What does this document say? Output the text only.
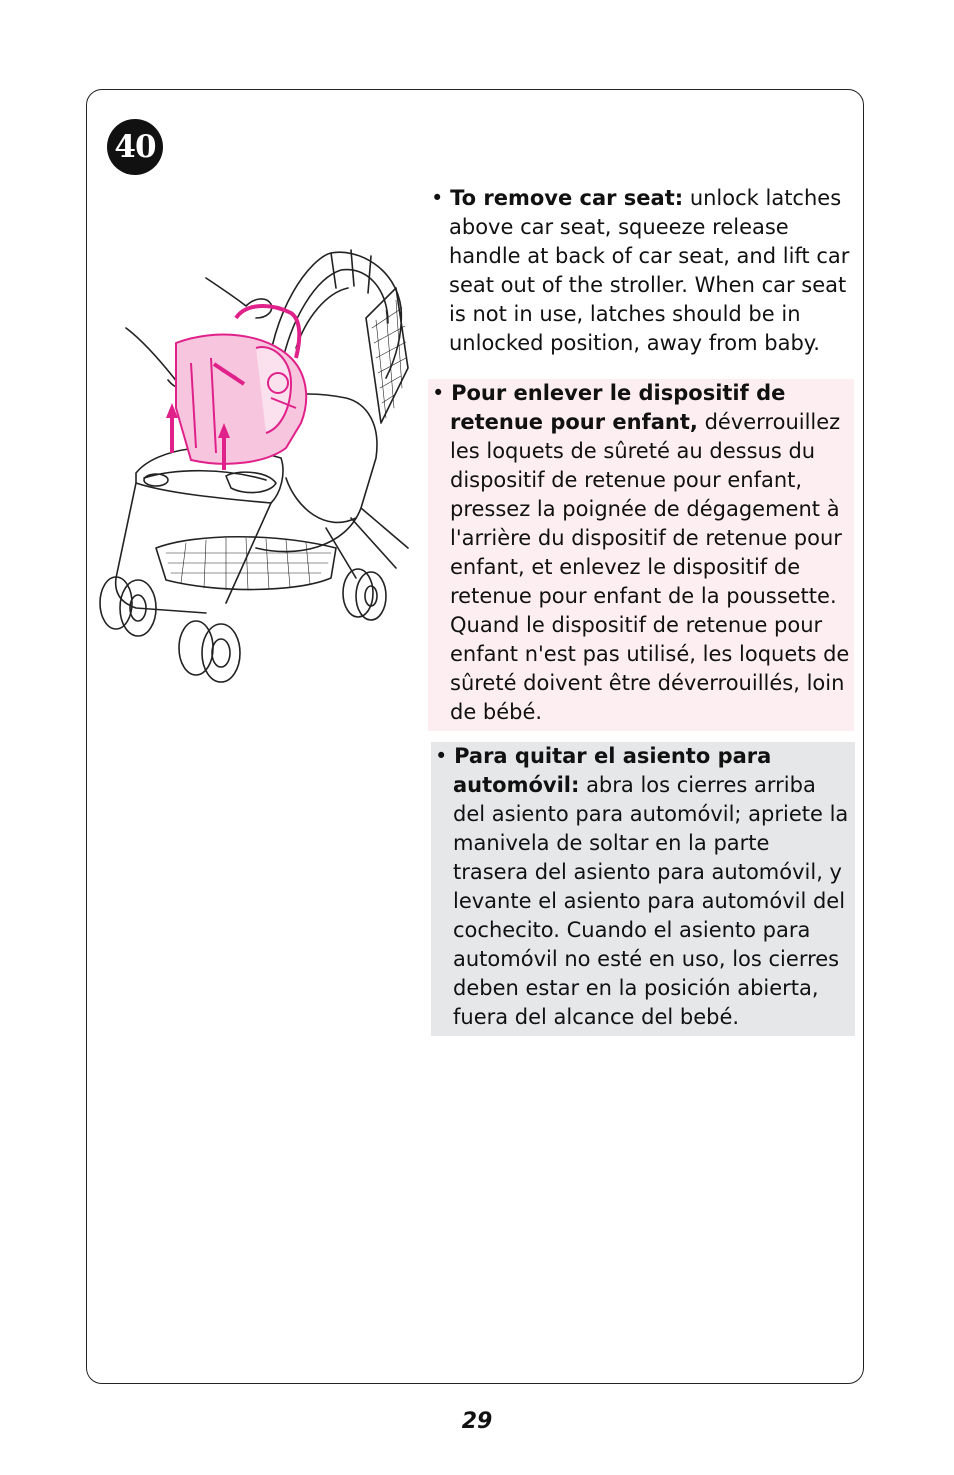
40

• To remove car seat: unlock latches above car seat, squeeze release handle at back of car seat, and lift car seat out of the stroller. When car seat is not in use, latches should be in unlocked position, away from baby.

• Pour enlever le dispositif de retenue pour enfant, déverrouillez les loquets de sûreté au dessus du dispositif de retenue pour enfant, pressez la poignée de dégagement à l'arrière du dispositif de retenue pour enfant, et enlevez le dispositif de retenue pour enfant de la poussette. Quand le dispositif de retenue pour enfant n'est pas utilisé, les loquets de sûreté doivent être déverrouillés, loin de bébé.

• Para quitar el asiento para automóvil: abra los cierres arriba del asiento para automóvil; apriete la manivela de soltar en la parte trasera del asiento para automóvil, y levante el asiento para automóvil del cochecito. Cuando el asiento para automóvil no esté en uso, los cierres deben estar en la posición abierta, fuera del alcance del bebé.

29
